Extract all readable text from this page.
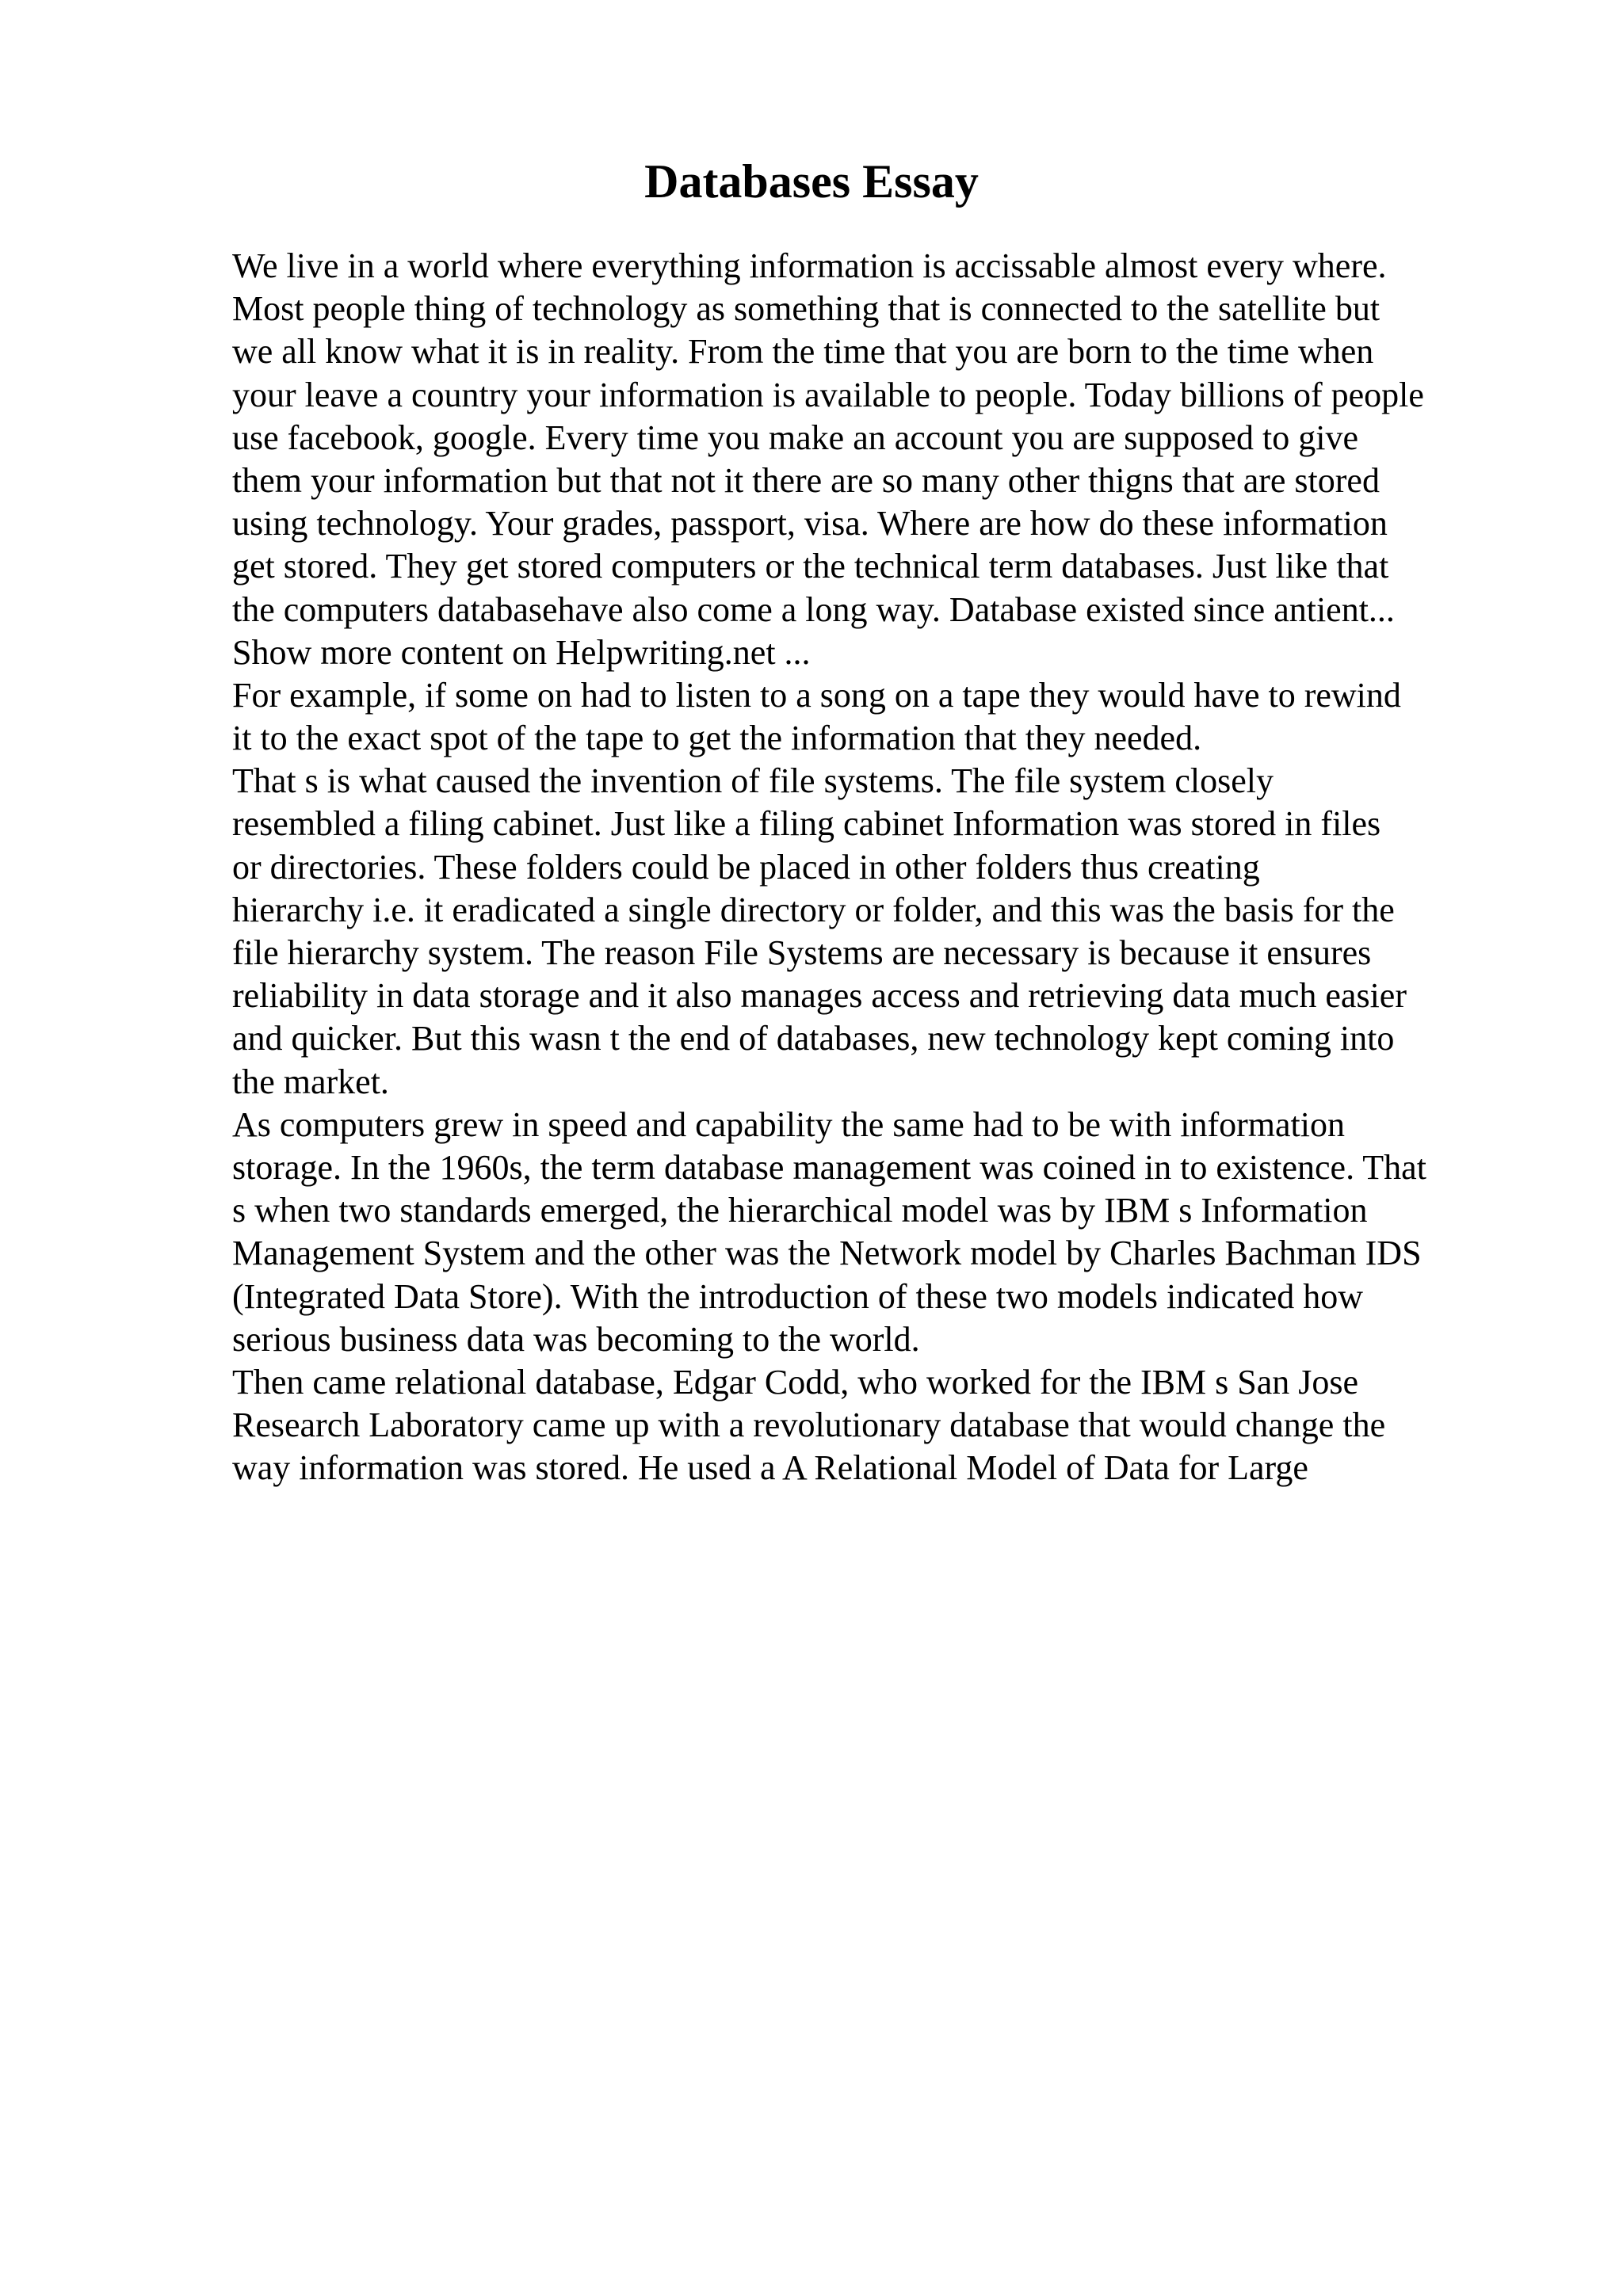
Databases Essay
We live in a world where everything information is accissable almost every where.
Most people thing of technology as something that is connected to the satellite but
we all know what it is in reality. From the time that you are born to the time when
your leave a country your information is available to people. Today billions of people
use facebook, google. Every time you make an account you are supposed to give
them your information but that not it there are so many other thigns that are stored
using technology. Your grades, passport, visa. Where are how do these information
get stored. They get stored computers or the technical term databases. Just like that
the computers databasehave also come a long way. Database existed since antient...
Show more content on Helpwriting.net ...
For example, if some on had to listen to a song on a tape they would have to rewind
it to the exact spot of the tape to get the information that they needed.
That s is what caused the invention of file systems. The file system closely
resembled a filing cabinet. Just like a filing cabinet Information was stored in files
or directories. These folders could be placed in other folders thus creating
hierarchy i.e. it eradicated a single directory or folder, and this was the basis for the
file hierarchy system. The reason File Systems are necessary is because it ensures
reliability in data storage and it also manages access and retrieving data much easier
and quicker. But this wasn t the end of databases, new technology kept coming into
the market.
As computers grew in speed and capability the same had to be with information
storage. In the 1960s, the term database management was coined in to existence. That
s when two standards emerged, the hierarchical model was by IBM s Information
Management System and the other was the Network model by Charles Bachman IDS
(Integrated Data Store). With the introduction of these two models indicated how
serious business data was becoming to the world.
Then came relational database, Edgar Codd, who worked for the IBM s San Jose
Research Laboratory came up with a revolutionary database that would change the
way information was stored. He used a A Relational Model of Data for Large
